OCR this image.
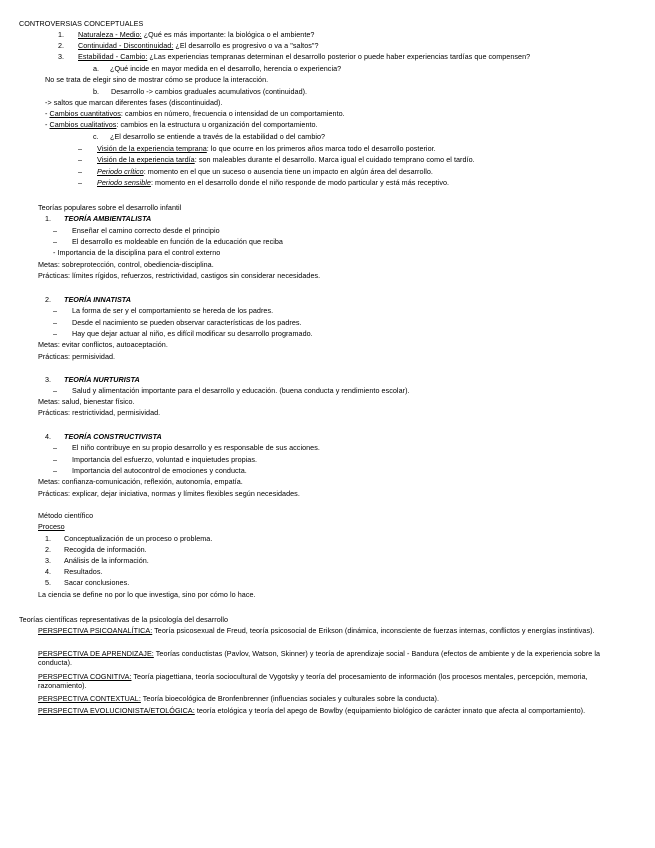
CONTROVERSIAS CONCEPTUALES
1. Naturaleza - Medio: ¿Qué es más importante: la biológica o el ambiente?
2. Continuidad - Discontinuidad: ¿El desarrollo es progresivo o va a "saltos"?
3. Estabilidad - Cambio: ¿Las experiencias tempranas determinan el desarrollo posterior o puede haber experiencias tardías que compensen?
a. ¿Qué incide en mayor medida en el desarrollo, herencia o experiencia?
No se trata de elegir sino de mostrar cómo se produce la interacción.
b. Desarrollo -> cambios graduales acumulativos (continuidad).
-> saltos que marcan diferentes fases (discontinuidad).
- Cambios cuantitativos: cambios en número, frecuencia o intensidad de un comportamiento.
- Cambios cualitativos: cambios en la estructura u organización del comportamiento.
c. ¿El desarrollo se entiende a través de la estabilidad o del cambio?
– Visión de la experiencia temprana: lo que ocurre en los primeros años marca todo el desarrollo posterior.
– Visión de la experiencia tardía: son maleables durante el desarrollo. Marca igual el cuidado temprano como el tardío.
– Periodo crítico: momento en el que un suceso o ausencia tiene un impacto en algún área del desarrollo.
– Periodo sensible: momento en el desarrollo donde el niño responde de modo particular y está más receptivo.
Teorías populares sobre el desarrollo infantil
1. TEORÍA AMBIENTALISTA
– Enseñar el camino correcto desde el principio
– El desarrollo es moldeable en función de la educación que reciba
- Importancia de la disciplina para el control externo
Metas: sobreprotección, control, obediencia-disciplina.
Prácticas: límites rígidos, refuerzos, restrictividad, castigos sin considerar necesidades.
2. TEORÍA INNATISTA
– La forma de ser y el comportamiento se hereda de los padres.
– Desde el nacimiento se pueden observar características de los padres.
– Hay que dejar actuar al niño, es difícil modificar su desarrollo programado.
Metas: evitar conflictos, autoaceptación.
Prácticas: permisividad.
3. TEORÍA NURTURISTA
– Salud y alimentación importante para el desarrollo y educación. (buena conducta y rendimiento escolar).
Metas: salud, bienestar físico.
Prácticas: restrictividad, permisividad.
4. TEORÍA CONSTRUCTIVISTA
– El niño contribuye en su propio desarrollo y es responsable de sus acciones.
– Importancia del esfuerzo, voluntad e inquietudes propias.
– Importancia del autocontrol de emociones y conducta.
Metas: confianza-comunicación, reflexión, autonomía, empatía.
Prácticas: explicar, dejar iniciativa, normas y límites flexibles según necesidades.
Método científico
Proceso
1. Conceptualización de un proceso o problema.
2. Recogida de información.
3. Análisis de la información.
4. Resultados.
5. Sacar conclusiones.
La ciencia se define no por lo que investiga, sino por cómo lo hace.
Teorías científicas representativas de la psicología del desarrollo
PERSPECTIVA PSICOANALÍTICA: Teoría psicosexual de Freud, teoría psicosocial de Erikson (dinámica, inconsciente de fuerzas internas, conflictos y energías instintivas).
PERSPECTIVA DE APRENDIZAJE: Teorías conductistas (Pavlov, Watson, Skinner) y teoría de aprendizaje social - Bandura (efectos de ambiente y de la experiencia sobre la conducta).
PERSPECTIVA COGNITIVA: Teoría piagettiana, teoría sociocultural de Vygotsky y teoría del procesamiento de información (los procesos mentales, percepción, memoria, razonamiento).
PERSPECTIVA CONTEXTUAL: Teoría bioecológica de Bronfenbrenner (influencias sociales y culturales sobre la conducta).
PERSPECTIVA EVOLUCIONISTA/ETOLÓGICA: teoría etológica y teoría del apego de Bowlby (equipamiento biológico de carácter innato que afecta al comportamiento).
